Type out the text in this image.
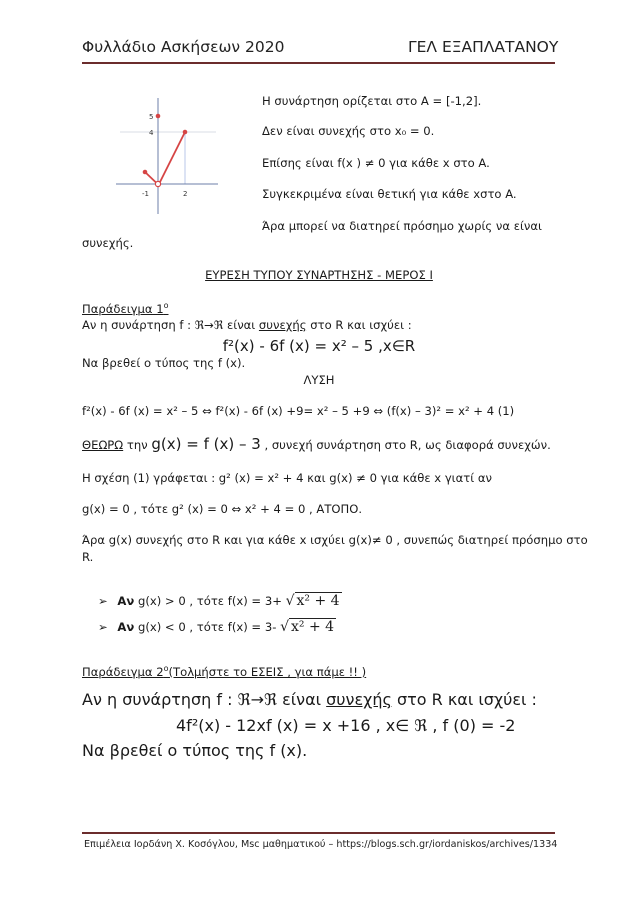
Φυλλάδιο Ασκήσεων 2020	ΓΕΛ ΕΞΑΠΛΑΤΑΝΟΥ
-1	2
4
5
Η συνάρτηση ορίζεται στο A = [-1,2].
Δεν είναι συνεχής στο x₀ = 0.
Επίσης είναι f(x ) ≠ 0 για κάθε x στο A.
Συγκεκριμένα είναι θετική για κάθε xστο A.
Άρα μπορεί να διατηρεί πρόσημο χωρίς να είναι
συνεχής.
ΕΥΡΕΣΗ ΤΥΠΟΥ ΣΥΝΑΡΤΗΣΗΣ - ΜΕΡΟΣ Ι
Παράδειγμα $1^o$
Αν η συνάρτηση f : ℜ→ℜ είναι συνεχής στο R και ισχύει :
f²(x) - 6f (x) = x² – 5 ,x∈R
Να βρεθεί ο τύπος της f (x).
ΛΥΣΗ
f²(x) - 6f (x) = x² – 5 ⇔ f²(x) - 6f (x) +9= x² – 5 +9 ⇔ (f(x) – 3)² = x² + 4 (1)
ΘΕΩΡΩ την g(x) = f (x) – 3 , συνεχή συνάρτηση στο R, ως διαφορά συνεχών.
Η σχέση (1) γράφεται : g² (x) = x² + 4 και g(x) ≠ 0 για κάθε x γιατί αν
g(x) = 0 , τότε g² (x) = 0 ⇔ x² + 4 = 0 , ΑΤΟΠΟ.
Άρα g(x) συνεχής στο R και για κάθε x ισχύει g(x)≠ 0 , συνεπώς διατηρεί πρόσημο στο
R.
➢ Αν g(x) > 0 , τότε f(x) = 3+ √ x² + 4
➢ Αν g(x) < 0 , τότε f(x) = 3- √ x² + 4
Παράδειγμα $2^o(To\lambda\mu ή\sigma\tau\varepsilon$ το ΕΣΕΙΣ , για πάμε !! )
Αν η συνάρτηση f : ℜ→ℜ είναι συνεχής στο R και ισχύει :
4f²(x) - 12xf (x) = x +16 , x∈ ℜ , f (0) = -2
Να βρεθεί ο τύπος της f (x).
Επιμέλεια Ιορδάνη Χ. Κοσόγλου, Msc μαθηματικού – https://blogs.sch.gr/iordaniskos/archives/1334
